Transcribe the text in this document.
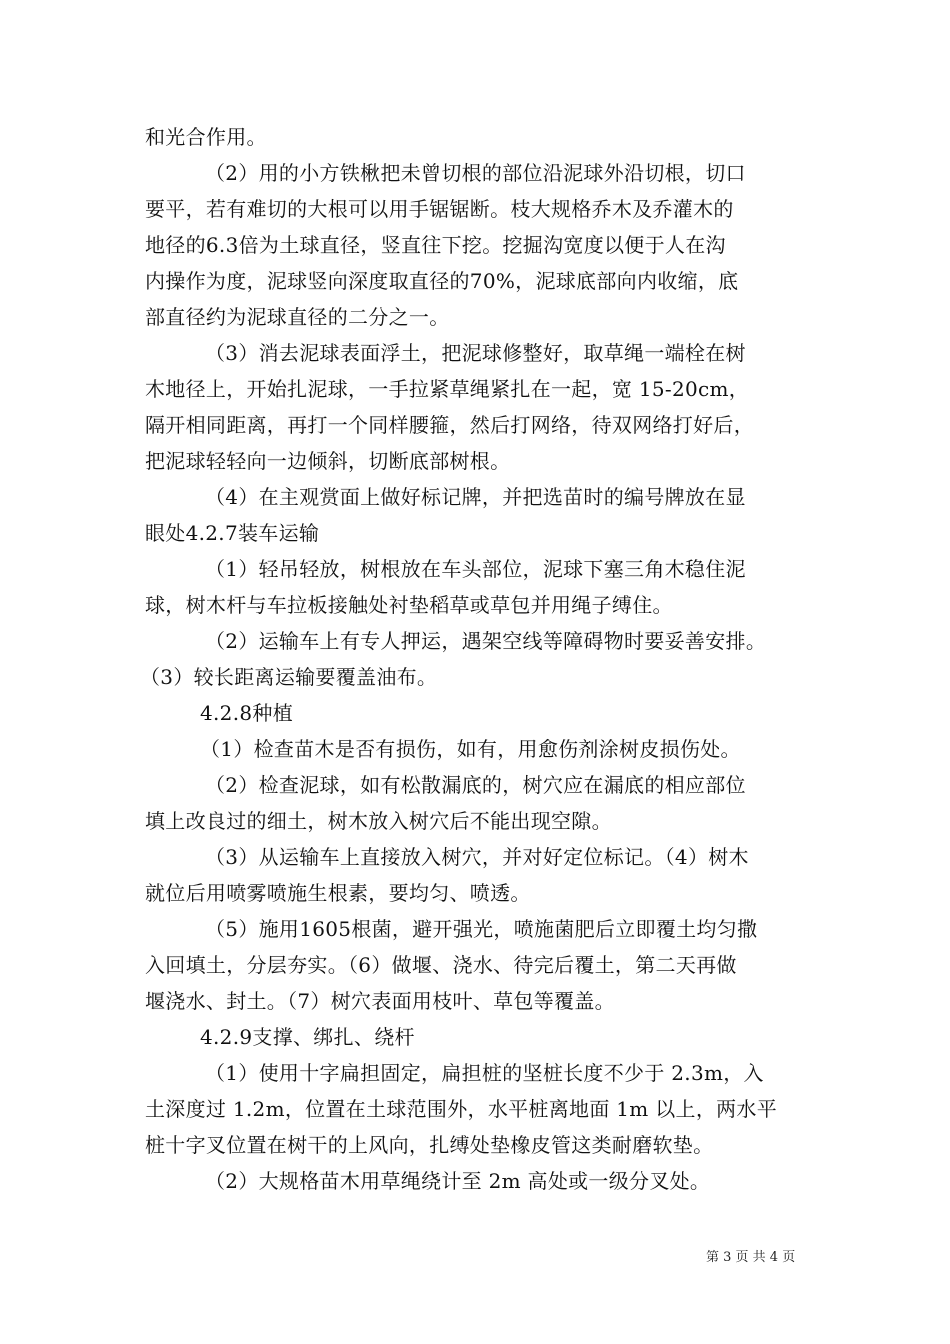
和光合作用。
（2）用的小方铁楸把未曾切根的部位沿泥球外沿切根，切口
要平，若有难切的大根可以用手锯锯断。枝大规格乔木及乔灌木的
地径的6.3倍为土球直径，竖直往下挖。挖掘沟宽度以便于人在沟
内操作为度，泥球竖向深度取直径的70%，泥球底部向内收缩，底
部直径约为泥球直径的二分之一。
（3）消去泥球表面浮土，把泥球修整好，取草绳一端栓在树
木地径上，开始扎泥球，一手拉紧草绳紧扎在一起，宽 15-20cm，
隔开相同距离，再打一个同样腰箍，然后打网络，待双网络打好后，
把泥球轻轻向一边倾斜，切断底部树根。
（4）在主观赏面上做好标记牌，并把选苗时的编号牌放在显
眼处4.2.7装车运输
（1）轻吊轻放，树根放在车头部位，泥球下塞三角木稳住泥
球，树木杆与车拉板接触处衬垫稻草或草包并用绳子缚住。
（2）运输车上有专人押运，遇架空线等障碍物时要妥善安排。
（3）较长距离运输要覆盖油布。
4.2.8种植
（1）检查苗木是否有损伤，如有，用愈伤剂涂树皮损伤处。
（2）检查泥球，如有松散漏底的，树穴应在漏底的相应部位
填上改良过的细土，树木放入树穴后不能出现空隙。
（3）从运输车上直接放入树穴，并对好定位标记。（4）树木
就位后用喷雾喷施生根素，要均匀、喷透。
（5）施用1605根菌，避开强光，喷施菌肥后立即覆土均匀撒
入回填土，分层夯实。（6）做堰、浇水、待完后覆土，第二天再做
堰浇水、封土。（7）树穴表面用枝叶、草包等覆盖。
4.2.9支撑、绑扎、绕杆
（1）使用十字扁担固定，扁担桩的坚桩长度不少于 2.3m，入
土深度过 1.2m，位置在土球范围外，水平桩离地面 1m 以上，两水平
桩十字叉位置在树干的上风向，扎缚处垫橡皮管这类耐磨软垫。
（2）大规格苗木用草绳绕计至 2m 高处或一级分叉处。
第 3 页 共 4 页
